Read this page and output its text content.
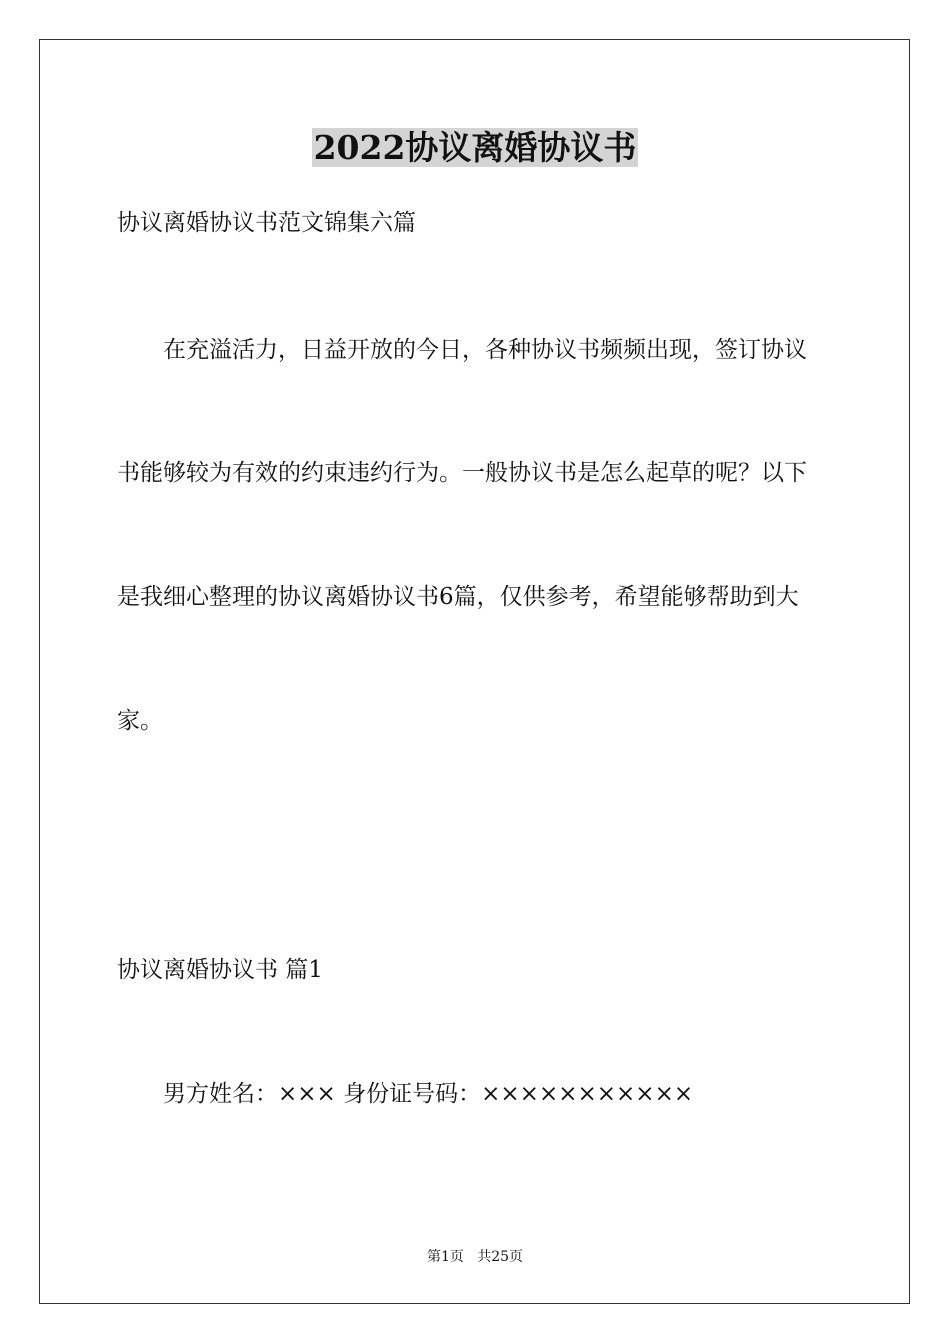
2022协议离婚协议书
协议离婚协议书范文锦集六篇
　　在充溢活力，日益开放的今日，各种协议书频频出现，签订协议
书能够较为有效的约束违约行为。一般协议书是怎么起草的呢？以下
是我细心整理的协议离婚协议书6篇，仅供参考，希望能够帮助到大
家。
协议离婚协议书 篇1
　　男方姓名：××× 身份证号码：×××××××××××
第1页   共25页
